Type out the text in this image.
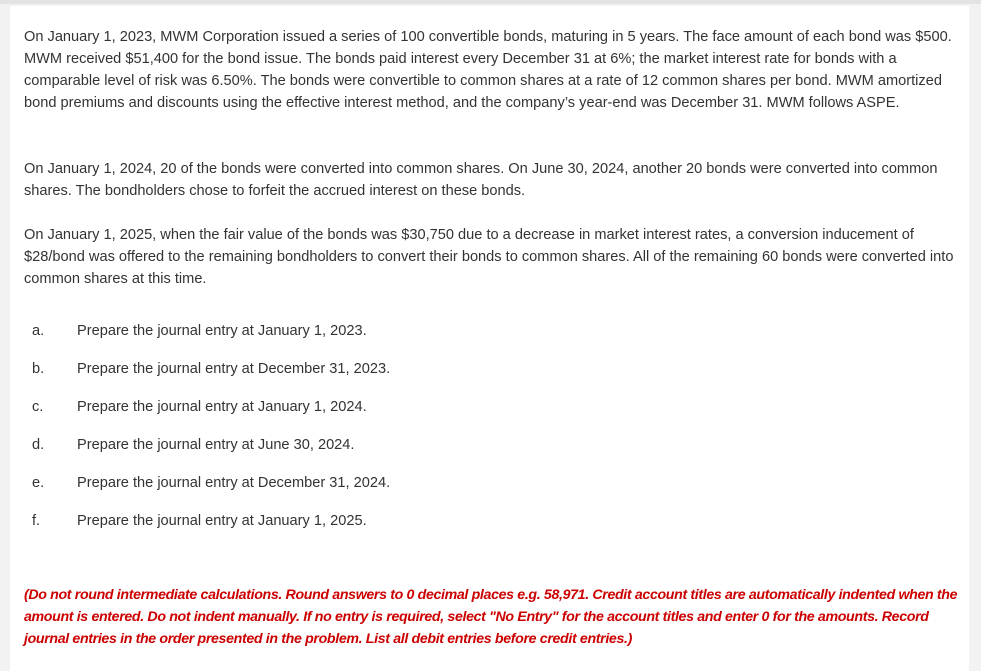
On January 1, 2023, MWM Corporation issued a series of 100 convertible bonds, maturing in 5 years. The face amount of each bond was $500. MWM received $51,400 for the bond issue. The bonds paid interest every December 31 at 6%; the market interest rate for bonds with a comparable level of risk was 6.50%. The bonds were convertible to common shares at a rate of 12 common shares per bond. MWM amortized bond premiums and discounts using the effective interest method, and the company’s year-end was December 31. MWM follows ASPE.

On January 1, 2024, 20 of the bonds were converted into common shares. On June 30, 2024, another 20 bonds were converted into common shares. The bondholders chose to forfeit the accrued interest on these bonds.

On January 1, 2025, when the fair value of the bonds was $30,750 due to a decrease in market interest rates, a conversion inducement of $28/bond was offered to the remaining bondholders to convert their bonds to common shares. All of the remaining 60 bonds were converted into common shares at this time.

a. Prepare the journal entry at January 1, 2023.
b. Prepare the journal entry at December 31, 2023.
c. Prepare the journal entry at January 1, 2024.
d. Prepare the journal entry at June 30, 2024.
e. Prepare the journal entry at December 31, 2024.
f.	Prepare the journal entry at January 1, 2025.

(Do not round intermediate calculations. Round answers to 0 decimal places e.g. 58,971. Credit account titles are automatically indented when the amount is entered. Do not indent manually. If no entry is required, select "No Entry" for the account titles and enter 0 for the amounts. Record journal entries in the order presented in the problem. List all debit entries before credit entries.)
